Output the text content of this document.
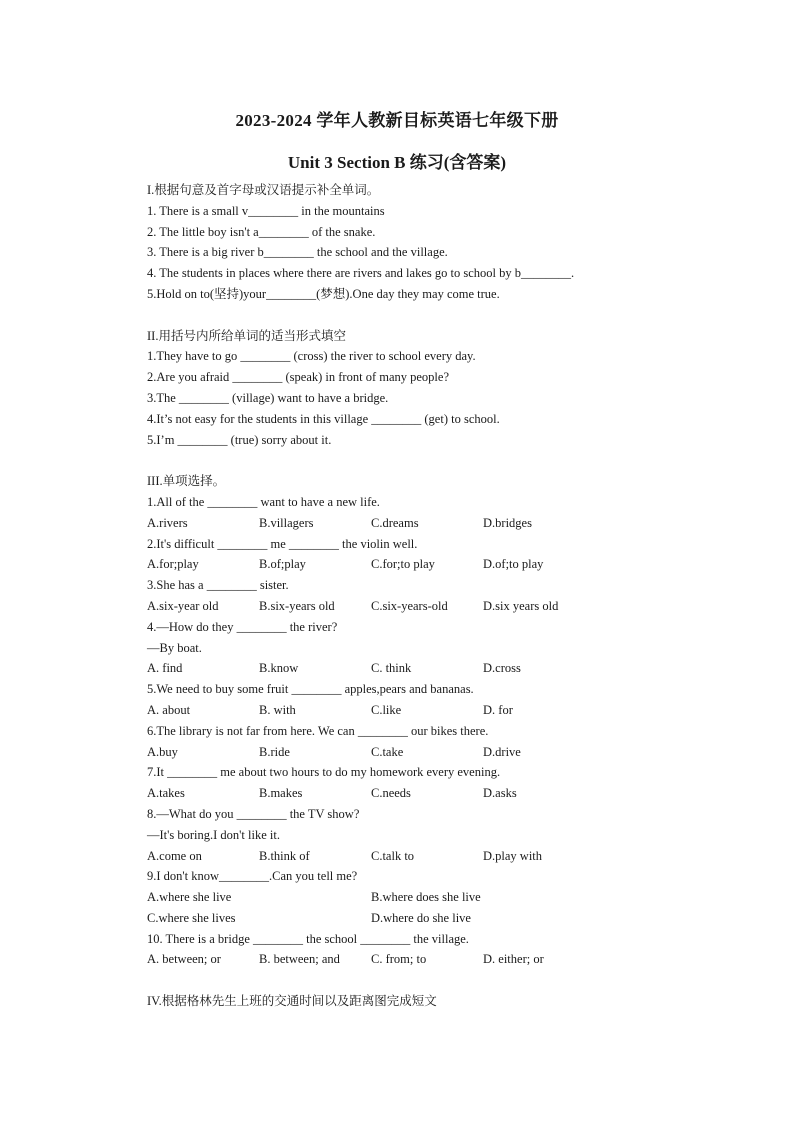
2023-2024 学年人教新目标英语七年级下册
Unit 3 Section B 练习(含答案)
I.根据句意及首字母或汉语提示补全单词。
1. There is a small v________ in the mountains
2. The little boy isn't a________ of the snake.
3. There is a big river b________ the school and the village.
4. The students in places where there are rivers and lakes go to school by b________.
5.Hold on to(坚持)your________(梦想).One day they may come true.
II.用括号内所给单词的适当形式填空
1.They have to go ________ (cross) the river to school every day.
2.Are you afraid ________ (speak) in front of many people?
3.The ________ (village) want to have a bridge.
4.It’s not easy for the students in this village ________ (get) to school.
5.I’m ________ (true) sorry about it.
III.单项选择。
1.All of the ________ want to have a new life.
A.rivers	B.villagers	C.dreams	D.bridges
2.It's difficult ________ me ________ the violin well.
A.for;play	B.of;play	C.for;to play	D.of;to play
3.She has a ________ sister.
A.six-year old	B.six-years old	C.six-years-old	D.six years old
4.—How do they ________ the river?
—By boat.
A. find	B.know	C. think	D.cross
5.We need to buy some fruit ________ apples,pears and bananas.
A. about	B. with	C.like	D. for
6.The library is not far from here. We can ________ our bikes there.
A.buy	B.ride	C.take	D.drive
7.It ________ me about two hours to do my homework every evening.
A.takes	B.makes	C.needs	D.asks
8.—What do you ________ the TV show?
—It's boring.I don't like it.
A.come on	B.think of	C.talk to	D.play with
9.I don't know________.Can you tell me?
A.where she live	B.where does she live
C.where she lives	D.where do she live
10. There is a bridge ________ the school ________ the village.
A. between; or	B. between; and	C. from; to	D. either; or
IV.根据格林先生上班的交通时间以及距离图完成短文
